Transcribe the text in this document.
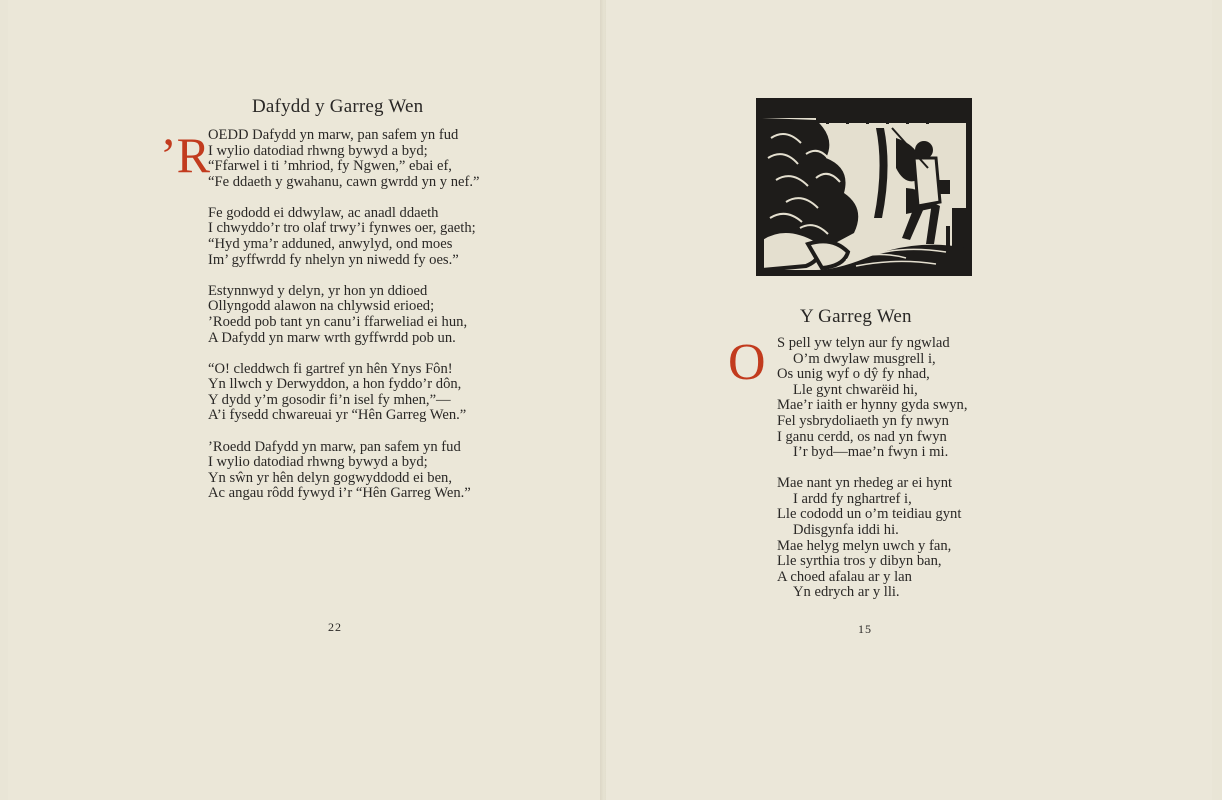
Dafydd y Garreg Wen
’R
OEDD Dafydd yn marw, pan safem yn fud
I wylio datodiad rhwng bywyd a byd;
“Ffarwel i ti ’mhriod, fy Ngwen,” ebai ef,
“Fe ddaeth y gwahanu, cawn gwrdd yn y nef.”
Fe gododd ei ddwylaw, ac anadl ddaeth
I chwyddo’r tro olaf trwy’i fynwes oer, gaeth;
“Hyd yma’r adduned, anwylyd, ond moes
Im’ gyffwrdd fy nhelyn yn niwedd fy oes.”
Estynnwyd y delyn, yr hon yn ddioed
Ollyngodd alawon na chlywsid erioed;
’Roedd pob tant yn canu’i ffarweliad ei hun,
A Dafydd yn marw wrth gyffwrdd pob un.
“O! cleddwch fi gartref yn hên Ynys Fôn!
Yn llwch y Derwyddon, a hon fyddo’r dôn,
Y dydd y’m gosodir fi’n isel fy mhen,”—
A’i fysedd chwareuai yr “Hên Garreg Wen.”
’Roedd Dafydd yn marw, pan safem yn fud
I wylio datodiad rhwng bywyd a byd;
Yn sŵn yr hên delyn gogwyddodd ei ben,
Ac angau rôdd fywyd i’r “Hên Garreg Wen.”
22
Y Garreg Wen
O S pell yw telyn aur fy ngwlad
O’m dwylaw musgrell i,
Os unig wyf o dŷ fy nhad,
Lle gynt chwarëid hi,
Mae’r iaith er hynny gyda swyn,
Fel ysbrydoliaeth yn fy nwyn
I ganu cerdd, os nad yn fwyn
I’r byd—mae’n fwyn i mi.
Mae nant yn rhedeg ar ei hynt
I ardd fy nghartref i,
Lle cododd un o’m teidiau gynt
Ddisgynfa iddi hi.
Mae helyg melyn uwch y fan,
Lle syrthia tros y dibyn ban,
A choed afalau ar y lan
Yn edrych ar y lli.
15
